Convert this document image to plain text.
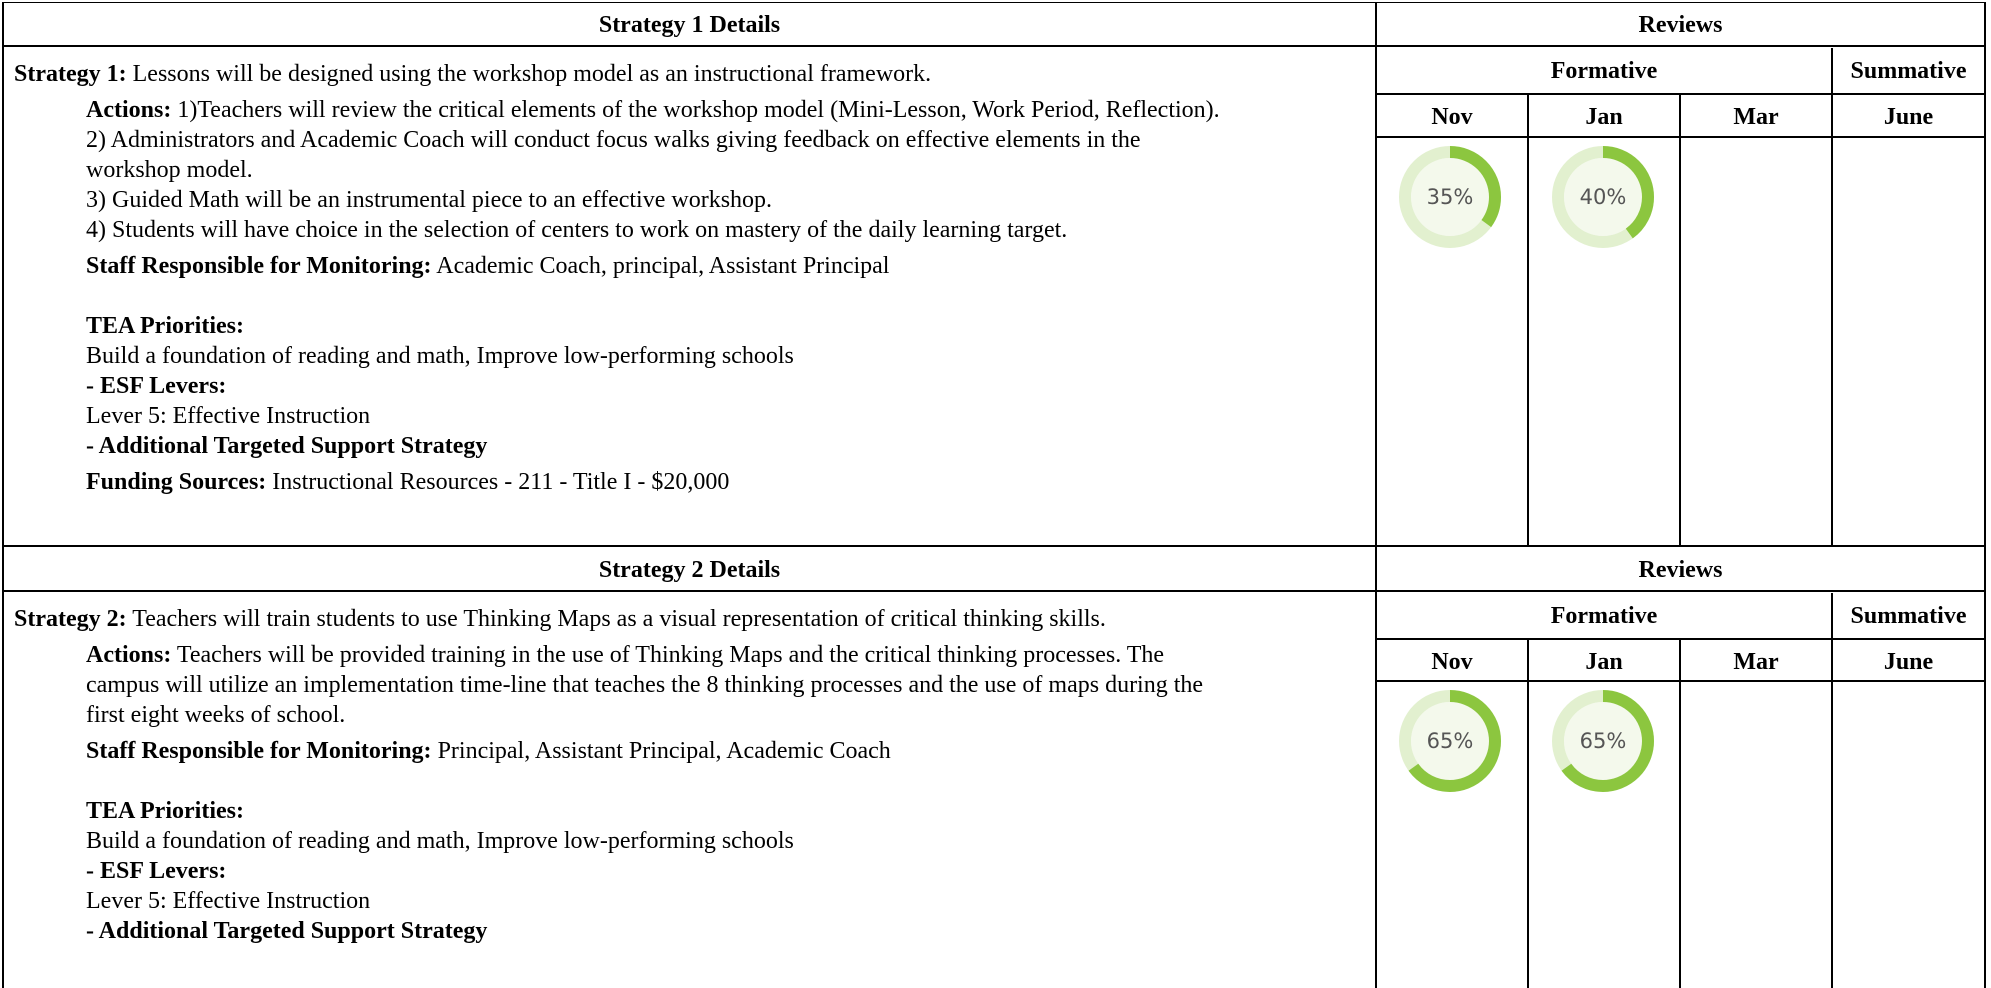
Strategy 1 Details	Reviews
Formative	Summative
Nov	Jan	Mar	June
Strategy 1: Lessons will be designed using the workshop model as an instructional framework.
Actions: 1)Teachers will review the critical elements of the workshop model (Mini-Lesson, Work Period, Reflection).
2) Administrators and Academic Coach will conduct focus walks giving feedback on effective elements in the
workshop model.
3) Guided Math will be an instrumental piece to an effective workshop.
4) Students will have choice in the selection of centers to work on mastery of the daily learning target.
Staff Responsible for Monitoring: Academic Coach, principal, Assistant Principal
TEA Priorities:
Build a foundation of reading and math, Improve low-performing schools
- ESF Levers:
Lever 5: Effective Instruction
- Additional Targeted Support Strategy
Funding Sources: Instructional Resources - 211 - Title I - $20,000
35%	40%
Strategy 2 Details	Reviews
Formative	Summative
Nov	Jan	Mar	June
Strategy 2: Teachers will train students to use Thinking Maps as a visual representation of critical thinking skills.
Actions: Teachers will be provided training in the use of Thinking Maps and the critical thinking processes. The
campus will utilize an implementation time-line that teaches the 8 thinking processes and the use of maps during the
first eight weeks of school.
Staff Responsible for Monitoring: Principal, Assistant Principal, Academic Coach
TEA Priorities:
Build a foundation of reading and math, Improve low-performing schools
- ESF Levers:
Lever 5: Effective Instruction
- Additional Targeted Support Strategy
65%	65%
